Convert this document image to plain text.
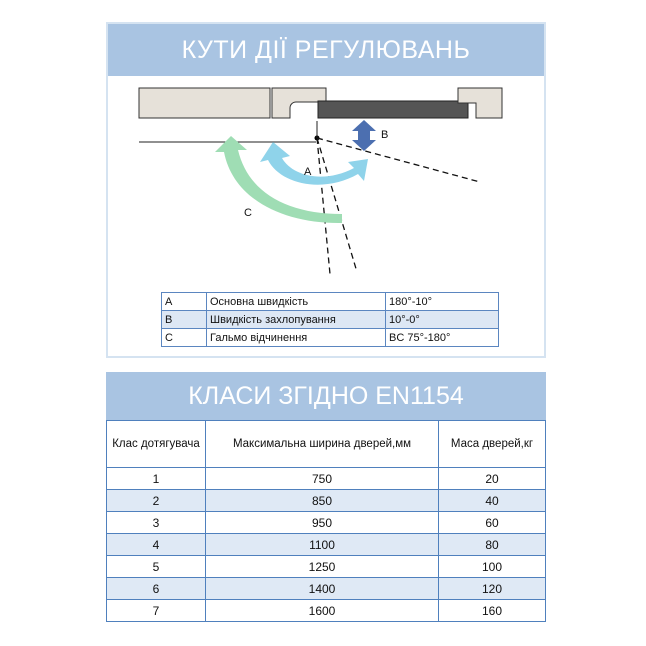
КУТИ ДІЇ РЕГУЛЮВАНЬ
A
B
C
A	Основна швидкість	180°-10°
B	Швидкість захлопування	10°-0°
C	Гальмо відчинення	BC 75°-180°
КЛАСИ ЗГІДНО EN1154
Клас дотягувача	Максимальна ширина дверей,мм	Маса дверей,кг
1	750	20
2	850	40
3	950	60
4	1100	80
5	1250	100
6	1400	120
7	1600	160
